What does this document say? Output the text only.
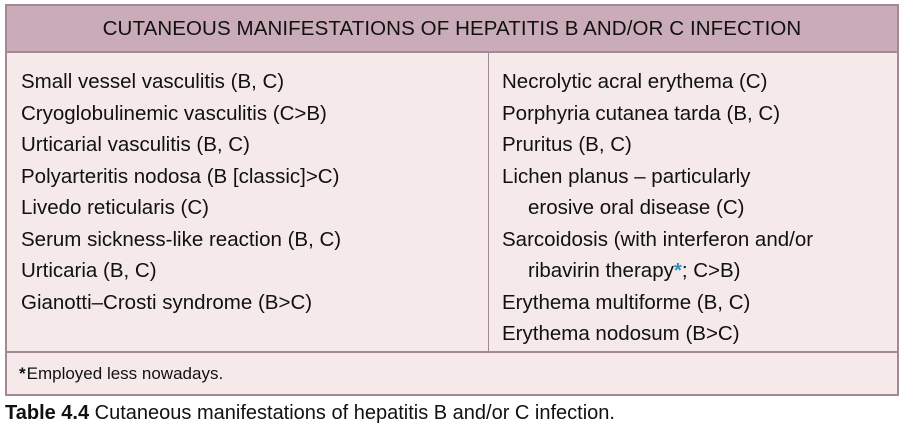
CUTANEOUS MANIFESTATIONS OF HEPATITIS B AND/OR C INFECTION

Small vessel vasculitis (B, C)

Cryoglobulinemic vasculitis (C>B)

Urticarial vasculitis (B, C)

Polyarteritis nodosa (B [classic]>C)

Livedo reticularis (C)

Serum sickness-like reaction (B, C)

Urticaria (B, C)

Gianotti–Crosti syndrome (B>C)

Necrolytic acral erythema (C)

Porphyria cutanea tarda (B, C)

Pruritus (B, C)

Lichen planus – particularly
erosive oral disease (C)

Sarcoidosis (with interferon and/or
ribavirin therapy*; C>B)

Erythema multiforme (B, C)

Erythema nodosum (B>C)

* Employed less nowadays.
Table 4.4 Cutaneous manifestations of hepatitis B and/or C infection.
